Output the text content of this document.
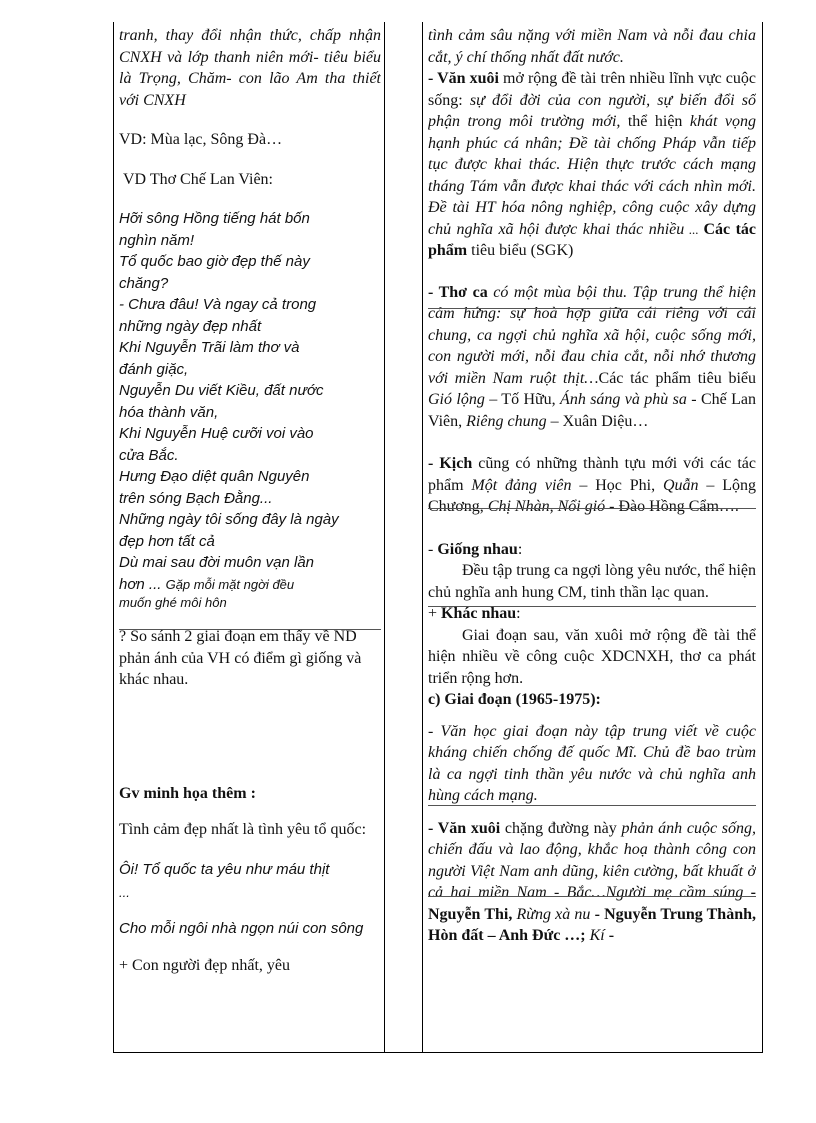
tranh, thay đổi nhận thức, chấp nhận CNXH và lớp thanh niên mới- tiêu biểu là Trọng, Chăm- con lão Am tha thiết với CNXH

VD: Mùa lạc, Sông Đà…

VD Thơ Chế Lan Viên:

Hỡi sông Hồng tiếng hát bốn

nghìn năm!

Tổ quốc bao giờ đẹp thế này

chăng?

- Chưa đâu! Và ngay cả trong

những ngày đẹp nhất

Khi Nguyễn Trãi làm thơ và

đánh giặc,

Nguyễn Du viết Kiều, đất nước

hóa thành văn,

Khi Nguyễn Huệ cưỡi voi vào

cửa Bắc.

Hưng Đạo diệt quân Nguyên

trên sóng Bạch Đằng...

Những ngày tôi sống đây là ngày

đẹp hơn tất cả

Dù mai sau đời muôn vạn lần

hơn ... Gặp mỗi mặt ngời đều

muốn ghé môi hôn

? So sánh 2 giai đoạn em thấy về ND phản ánh của VH có điểm gì giống và khác nhau.

Gv minh họa thêm :

Tình cảm đẹp nhất là tình yêu tổ quốc:

Ôi! Tổ quốc ta yêu như máu thịt

...

Cho mỗi ngôi nhà ngọn núi con sông

+ Con người đẹp nhất, yêu

tình cảm sâu nặng với miền Nam và nỗi đau chia cắt, ý chí thống nhất đất nước.

- Văn xuôi mở rộng đề tài trên nhiều lĩnh vực cuộc sống: sự đổi đời của con người, sự biến đổi số phận trong môi trường mới, thể hiện khát vọng hạnh phúc cá nhân; Đề tài chống Pháp vẫn tiếp tục được khai thác. Hiện thực trước cách mạng tháng Tám vẫn được khai thác với cách nhìn mới. Đề tài HT hóa nông nghiệp, công cuộc xây dựng chủ nghĩa xã hội được khai thác nhiều ... Các tác phẩm tiêu biểu (SGK)

- Thơ ca có một mùa bội thu. Tập trung thể hiện cảm hứng: sự hoà hợp giữa cái riêng với cái chung, ca ngợi chủ nghĩa xã hội, cuộc sống mới, con người mới, nỗi đau chia cắt, nỗi nhớ thương với miền Nam ruột thịt…Các tác phẩm tiêu biểu Gió lộng – Tố Hữu, Ánh sáng và phù sa - Chế Lan Viên, Riêng chung – Xuân Diệu…

- Kịch cũng có những thành tựu mới với các tác phẩm Một đảng viên – Học Phi, Quẫn – Lộng Chương, Chị Nhàn, Nổi gió - Đào Hồng Cẩm….

- Giống nhau:

Đều tập trung ca ngợi lòng yêu nước, thể hiện chủ nghĩa anh hung CM, tinh thần lạc quan.

+ Khác nhau:

Giai đoạn sau, văn xuôi mở rộng đề tài thể hiện nhiều về công cuộc XDCNXH, thơ ca phát triển rộng hơn.

c) Giai đoạn (1965-1975):

- Văn học giai đoạn này tập trung viết về cuộc kháng chiến chống đế quốc Mĩ. Chủ đề bao trùm là ca ngợi tinh thần yêu nước và chủ nghĩa anh hùng cách mạng.

- Văn xuôi chặng đường này phản ánh cuộc sống, chiến đấu và lao động, khắc hoạ thành công con người Việt Nam anh dũng, kiên cường, bất khuất ở cả hai miền Nam - Bắc…Người mẹ cầm súng - Nguyễn Thi, Rừng xà nu - Nguyễn Trung Thành, Hòn đất – Anh Đức …; Kí -
